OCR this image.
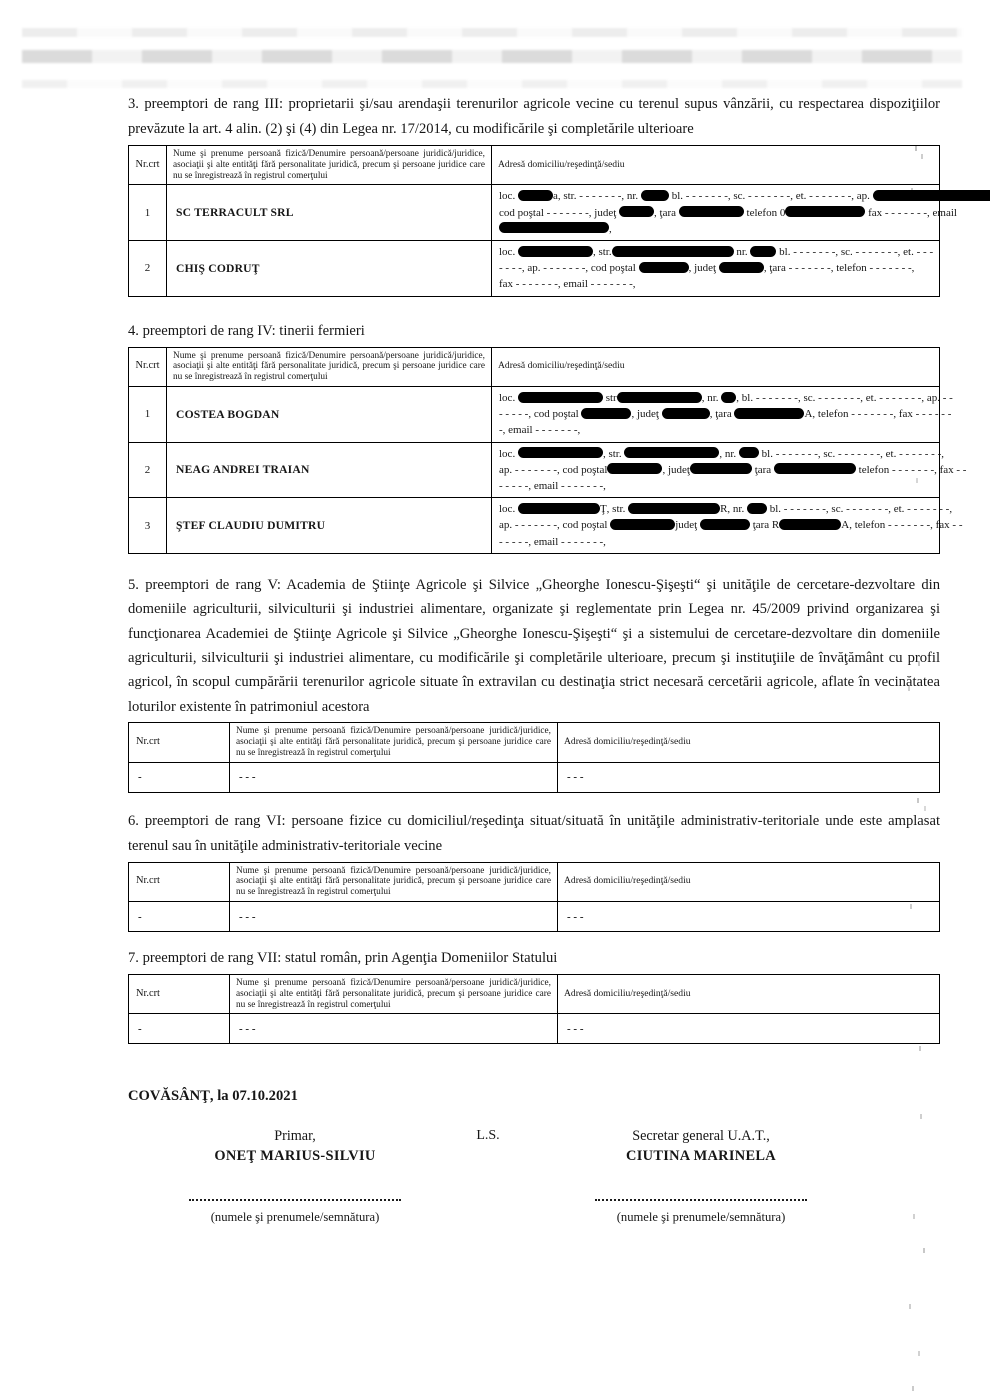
3. preemptori de rang III: proprietarii şi/sau arendaşii terenurilor agricole vecine cu terenul supus vânzării, cu respectarea dispoziţiilor prevăzute la art. 4 alin. (2) şi (4) din Legea nr. 17/2014, cu modificările şi completările ulterioare

Nr.crt	Nume şi prenume persoană fizică/Denumire persoană/persoane juridică/juridice, asociaţii şi alte entităţi fără personalitate juridică, precum şi persoane juridice care nu se înregistrează în registrul comerţului	Adresă domiciliu/reşedinţă/sediu
1	SC TERRACULT SRL	loc. a, str. - - - - - - -, nr. bl. - - - - - - -, sc. - - - - - - -, et. - - - - - - -, ap.
cod poştal - - - - - - -, judeţ , ţara telefon 0 fax - - - - - - -, email
,

2	CHIŞ CODRUŢ	loc. , str. nr.  bl. - - - - - - -, sc. - - - - - - -, et. - - -
- - - -, ap. - - - - - - -, cod poştal , judeţ , ţara - - - - - - -, telefon - - - - - - -,
fax - - - - - - -, email - - - - - - -,

4. preemptori de rang IV: tinerii fermieri

Nr.crt	Nume şi prenume persoană fizică/Denumire persoană/persoane juridică/juridice, asociaţii şi alte entităţi fără personalitate juridică, precum şi persoane juridice care nu se înregistrează în registrul comerţului	Adresă domiciliu/reşedinţă/sediu
1	COSTEA BOGDAN	loc. str , nr. , bl. - - - - - - -, sc. - - - - - - -, et. - - - - - - -, ap. - -
- - - - -, cod poştal , judeţ , ţara A, telefon - - - - - - -, fax - - - - - -
-, email - - - - - - -,

2	NEAG ANDREI TRAIAN	loc. , str. , nr.  bl. - - - - - - -, sc. - - - - - - -, et. - - - - - - -,
ap. - - - - - - -, cod poştal , judeţ ţara telefon - - - - - - -, fax - -
- - - - -, email - - - - - - -,

3	ŞTEF CLAUDIU DUMITRU	loc. Ţ, str. R, nr.  bl. - - - - - - -, sc. - - - - - - -, et. - - - - - - -,
ap. - - - - - - -, cod poştal judeţ ţara R A, telefon - - - - - - -, fax - -
- - - - -, email - - - - - - -,

5. preemptori de rang V: Academia de Ştiinţe Agricole şi Silvice „Gheorghe Ionescu-Şişeşti“ şi unităţile de cercetare-dezvoltare din domeniile agriculturii, silviculturii şi industriei alimentare, organizate şi reglementate prin Legea nr. 45/2009 privind organizarea şi funcţionarea Academiei de Ştiinţe Agricole şi Silvice „Gheorghe Ionescu-Şişeşti“ şi a sistemului de cercetare-dezvoltare din domeniile agriculturii, silviculturii şi industriei alimentare, cu modificările şi completările ulterioare, precum şi instituţiile de învăţământ cu profil agricol, în scopul cumpărării terenurilor agricole situate în extravilan cu destinaţia strict necesară cercetării agricole, aflate în vecinătatea loturilor existente în patrimoniul acestora

Nr.crt	Nume şi prenume persoană fizică/Denumire persoană/persoane juridică/juridice, asociaţii şi alte entităţi fără personalitate juridică, precum şi persoane juridice care nu se înregistrează în registrul comerţului	Adresă domiciliu/reşedinţă/sediu
-	- - -	- - -

6. preemptori de rang VI: persoane fizice cu domiciliul/reşedinţa situat/situată în unităţile administrativ-teritoriale unde este amplasat terenul sau în unităţile administrativ-teritoriale vecine

Nr.crt	Nume şi prenume persoană fizică/Denumire persoană/persoane juridică/juridice, asociaţii şi alte entităţi fără personalitate juridică, precum şi persoane juridice care nu se înregistrează în registrul comerţului	Adresă domiciliu/reşedinţă/sediu
-	- - -	- - -

7. preemptori de rang VII: statul român, prin Agenţia Domeniilor Statului

Nr.crt	Nume şi prenume persoană fizică/Denumire persoană/persoane juridică/juridice, asociaţii şi alte entităţi fără personalitate juridică, precum şi persoane juridice care nu se înregistrează în registrul comerţului	Adresă domiciliu/reşedinţă/sediu
-	- - -	- - -
COVĂSÂNŢ, la 07.10.2021
Primar,
ONEŢ MARIUS-SILVIU
(numele şi prenumele/semnătura)
L.S.	Secretar general U.A.T.,
CIUTINA MARINELA
(numele şi prenumele/semnătura)
